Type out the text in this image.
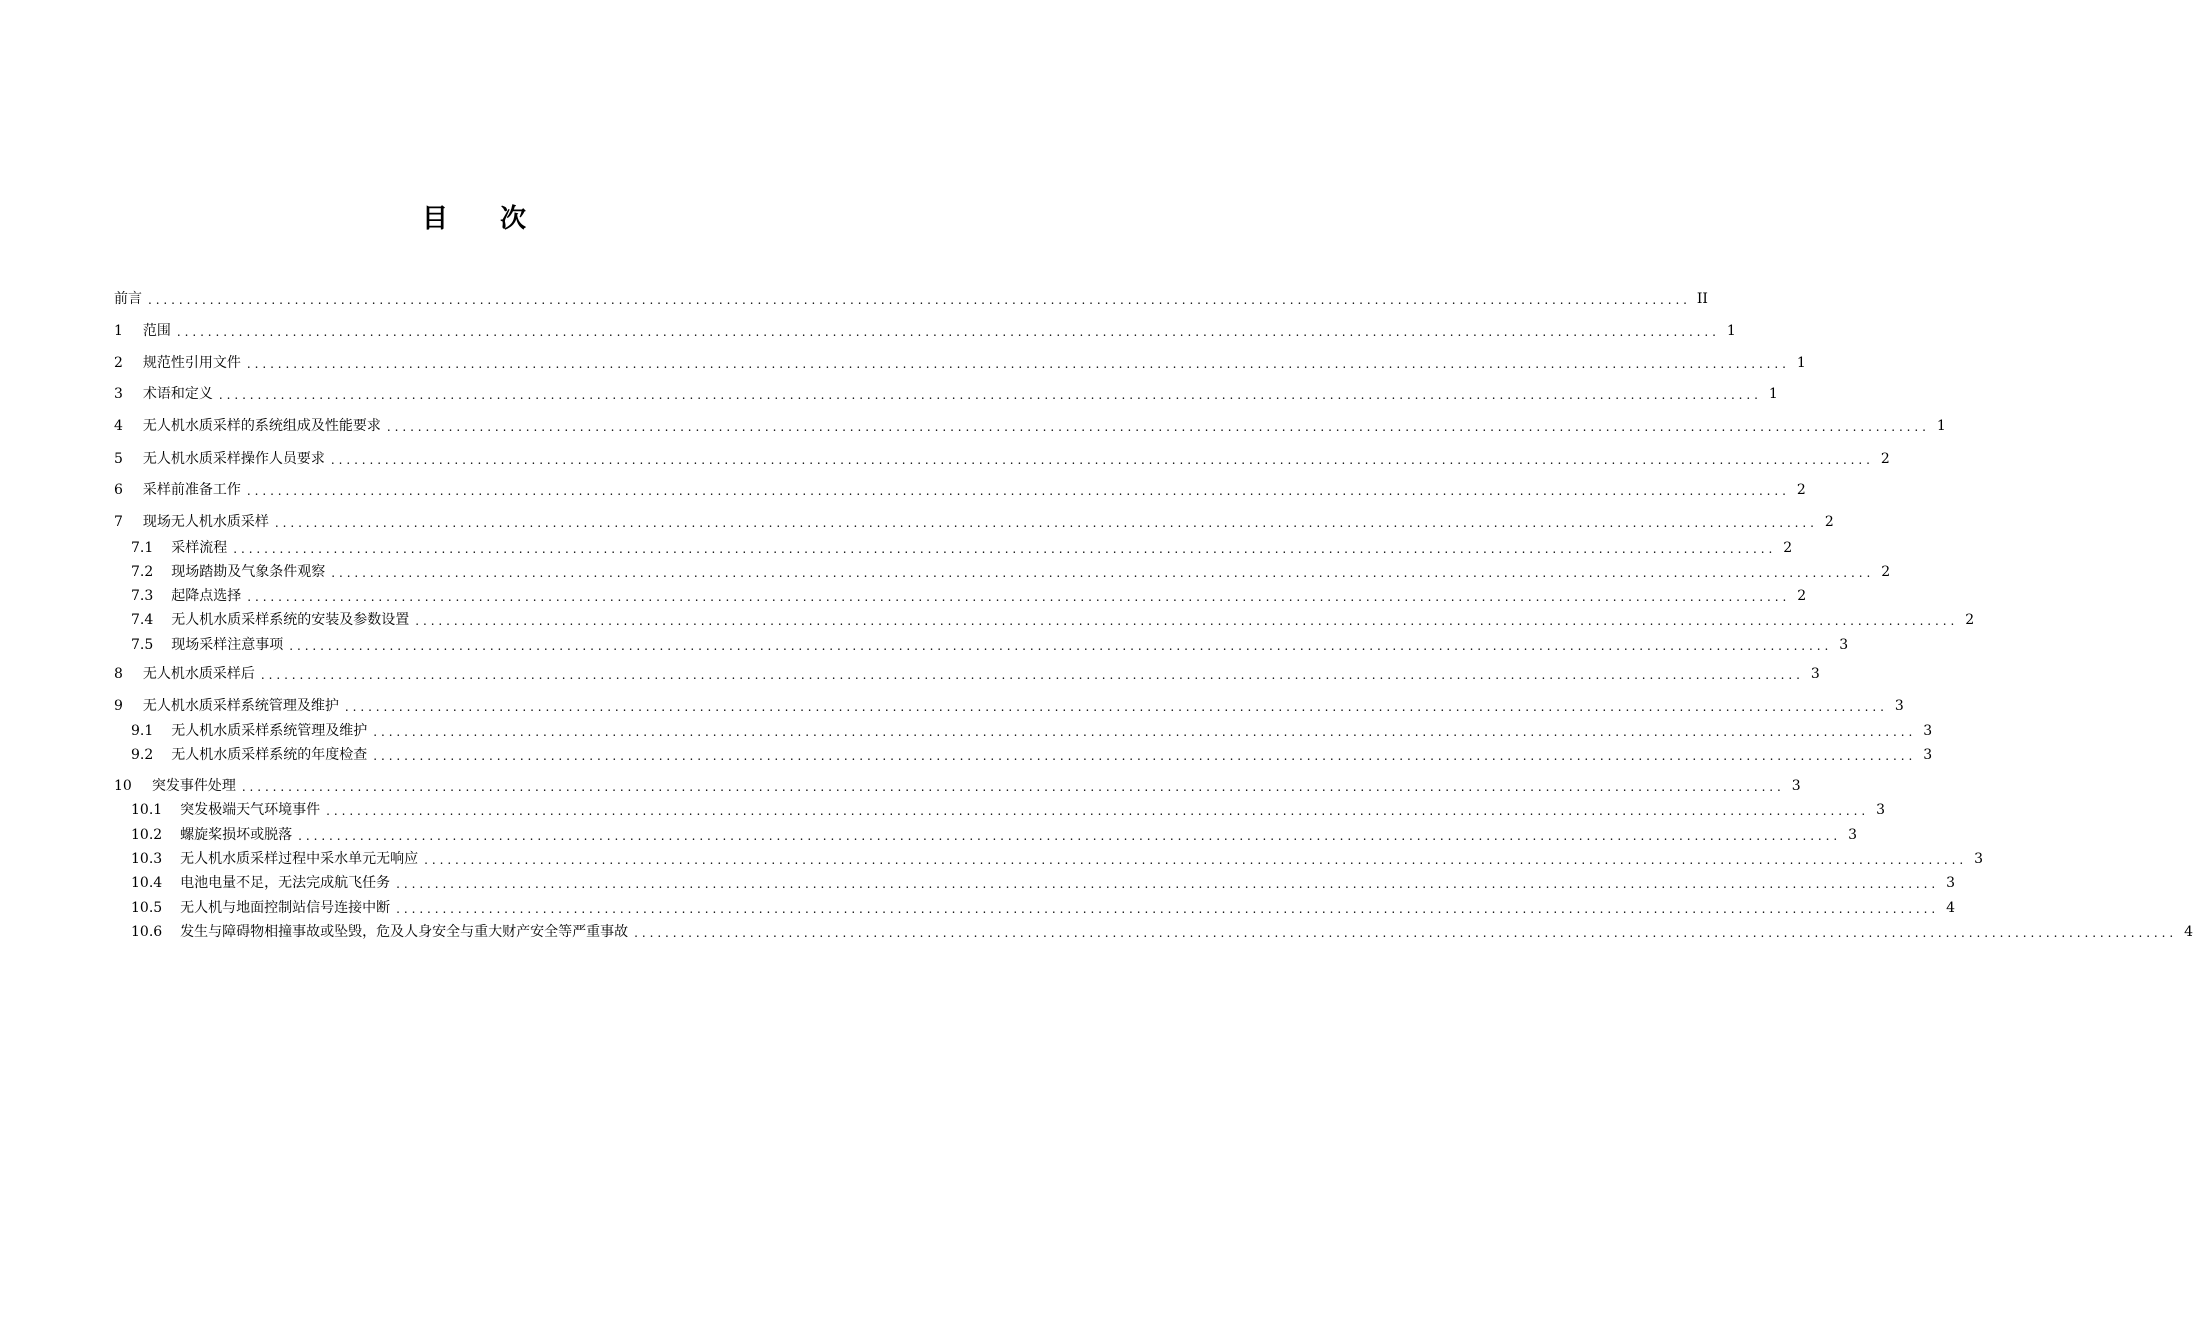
目 次
前言 ........................................................................................................................................................................................................ II
1 范围 ........................................................................................................................................................................................................ 1
2 规范性引用文件 ........................................................................................................................................................................................................ 1
3 术语和定义 ........................................................................................................................................................................................................ 1
4 无人机水质采样的系统组成及性能要求 ........................................................................................................................................................................................................ 1
5 无人机水质采样操作人员要求 ........................................................................................................................................................................................................ 2
6 采样前准备工作 ........................................................................................................................................................................................................ 2
7 现场无人机水质采样 ........................................................................................................................................................................................................ 2
7.1 采样流程 ........................................................................................................................................................................................................ 2
7.2 现场踏勘及气象条件观察 ........................................................................................................................................................................................................ 2
7.3 起降点选择 ........................................................................................................................................................................................................ 2
7.4 无人机水质采样系统的安装及参数设置 ........................................................................................................................................................................................................ 2
7.5 现场采样注意事项 ........................................................................................................................................................................................................ 3
8 无人机水质采样后 ........................................................................................................................................................................................................ 3
9 无人机水质采样系统管理及维护 ........................................................................................................................................................................................................ 3
9.1 无人机水质采样系统管理及维护 ........................................................................................................................................................................................................ 3
9.2 无人机水质采样系统的年度检查 ........................................................................................................................................................................................................ 3
10 突发事件处理 ........................................................................................................................................................................................................ 3
10.1 突发极端天气环境事件 ........................................................................................................................................................................................................ 3
10.2 螺旋桨损坏或脱落 ........................................................................................................................................................................................................ 3
10.3 无人机水质采样过程中采水单元无响应 ........................................................................................................................................................................................................ 3
10.4 电池电量不足，无法完成航飞任务 ........................................................................................................................................................................................................ 3
10.5 无人机与地面控制站信号连接中断 ........................................................................................................................................................................................................ 4
10.6 发生与障碍物相撞事故或坠毁，危及人身安全与重大财产安全等严重事故 ........................................................................................................................................................................................................ 4
